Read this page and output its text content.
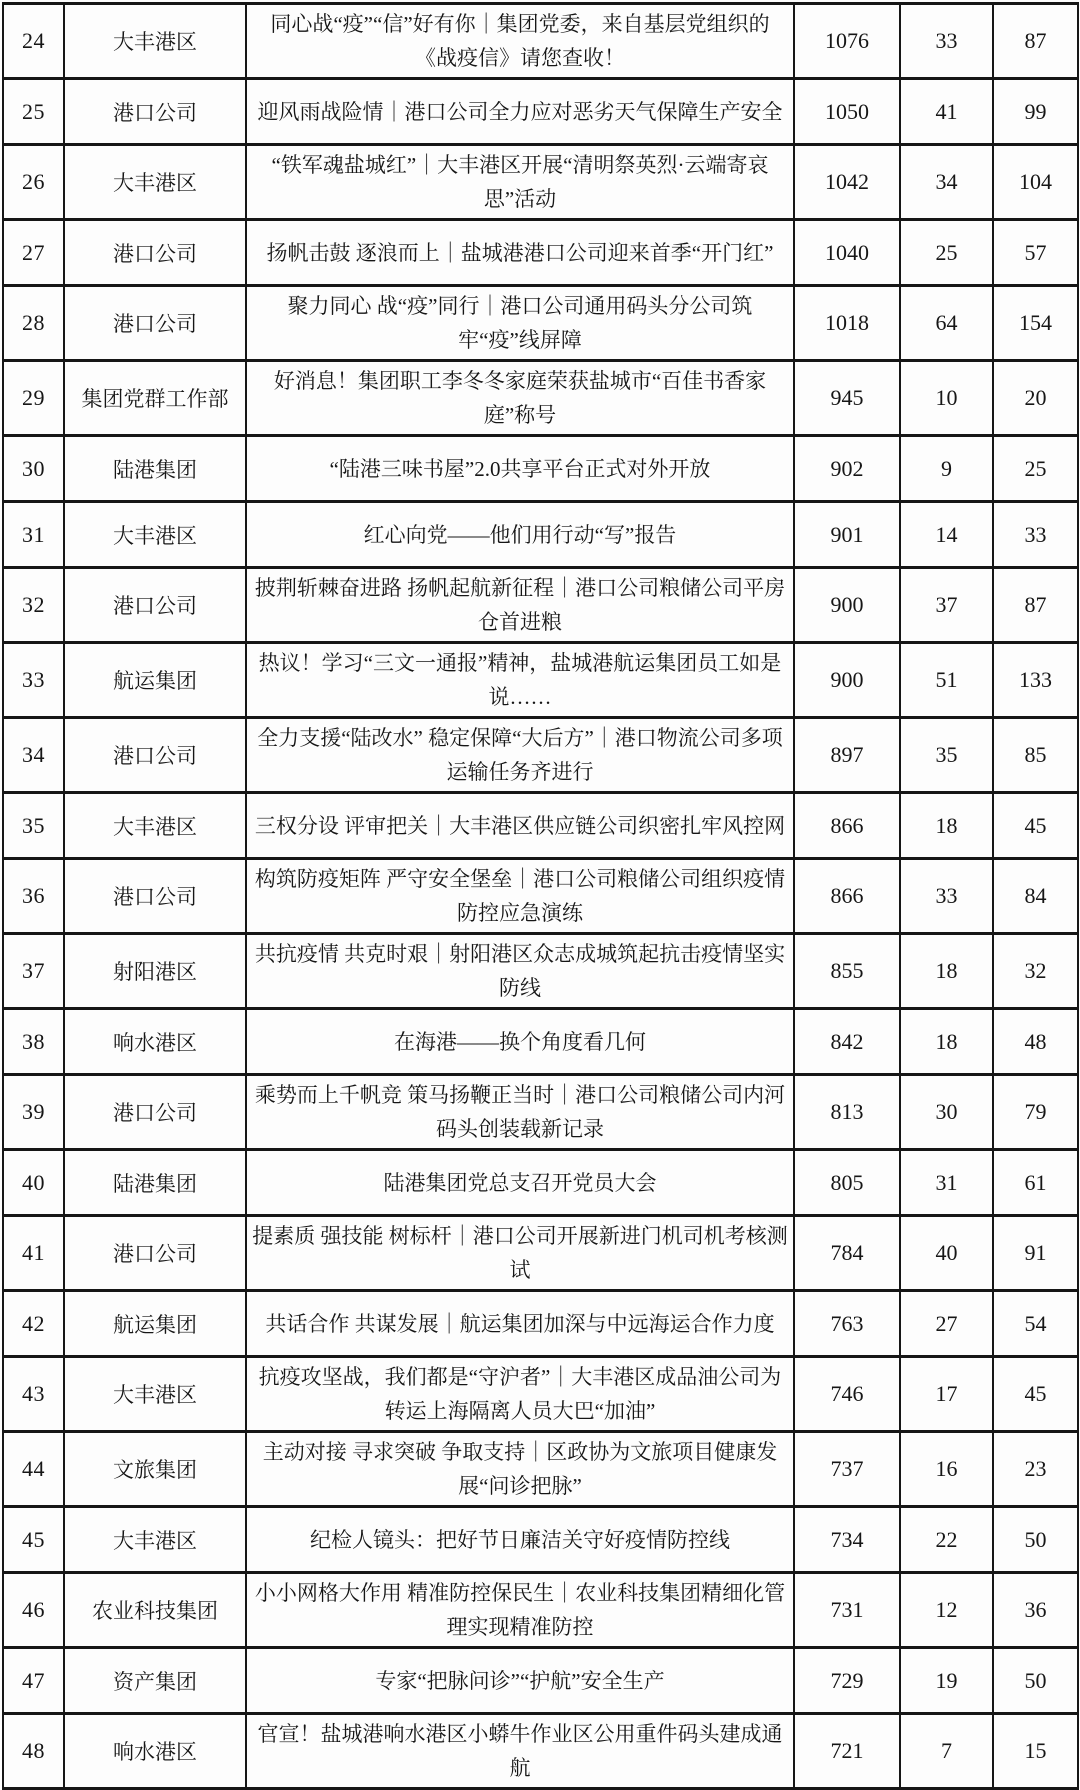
24	大丰港区	同心战“疫”“信”好有你｜集团党委，来自基层党组织的《战疫信》请您查收！	1076	33	87
25	港口公司	迎风雨战险情｜港口公司全力应对恶劣天气保障生产安全	1050	41	99
26	大丰港区	“铁军魂盐城红”｜大丰港区开展“清明祭英烈·云端寄哀思”活动	1042	34	104
27	港口公司	扬帆击鼓 逐浪而上｜盐城港港口公司迎来首季“开门红”	1040	25	57
28	港口公司	聚力同心 战“疫”同行｜港口公司通用码头分公司筑牢“疫”线屏障	1018	64	154
29	集团党群工作部	好消息！集团职工李冬冬家庭荣获盐城市“百佳书香家庭”称号	945	10	20
30	陆港集团	“陆港三味书屋”2.0共享平台正式对外开放	902	9	25
31	大丰港区	红心向党——他们用行动“写”报告	901	14	33
32	港口公司	披荆斩棘奋进路 扬帆起航新征程｜港口公司粮储公司平房仓首进粮	900	37	87
33	航运集团	热议！学习“三文一通报”精神，盐城港航运集团员工如是说……	900	51	133
34	港口公司	全力支援“陆改水” 稳定保障“大后方”｜港口物流公司多项运输任务齐进行	897	35	85
35	大丰港区	三权分设 评审把关｜大丰港区供应链公司织密扎牢风控网	866	18	45
36	港口公司	构筑防疫矩阵 严守安全堡垒｜港口公司粮储公司组织疫情防控应急演练	866	33	84
37	射阳港区	共抗疫情 共克时艰｜射阳港区众志成城筑起抗击疫情坚实防线	855	18	32
38	响水港区	在海港——换个角度看几何	842	18	48
39	港口公司	乘势而上千帆竞 策马扬鞭正当时｜港口公司粮储公司内河码头创装载新记录	813	30	79
40	陆港集团	陆港集团党总支召开党员大会	805	31	61
41	港口公司	提素质 强技能 树标杆｜港口公司开展新进门机司机考核测试	784	40	91
42	航运集团	共话合作 共谋发展｜航运集团加深与中远海运合作力度	763	27	54
43	大丰港区	抗疫攻坚战，我们都是“守沪者”｜大丰港区成品油公司为转运上海隔离人员大巴“加油”	746	17	45
44	文旅集团	主动对接 寻求突破 争取支持｜区政协为文旅项目健康发展“问诊把脉”	737	16	23
45	大丰港区	纪检人镜头：把好节日廉洁关守好疫情防控线	734	22	50
46	农业科技集团	小小网格大作用 精准防控保民生｜农业科技集团精细化管理实现精准防控	731	12	36
47	资产集团	专家“把脉问诊”“护航”安全生产	729	19	50
48	响水港区	官宣！盐城港响水港区小蟒牛作业区公用重件码头建成通航	721	7	15
